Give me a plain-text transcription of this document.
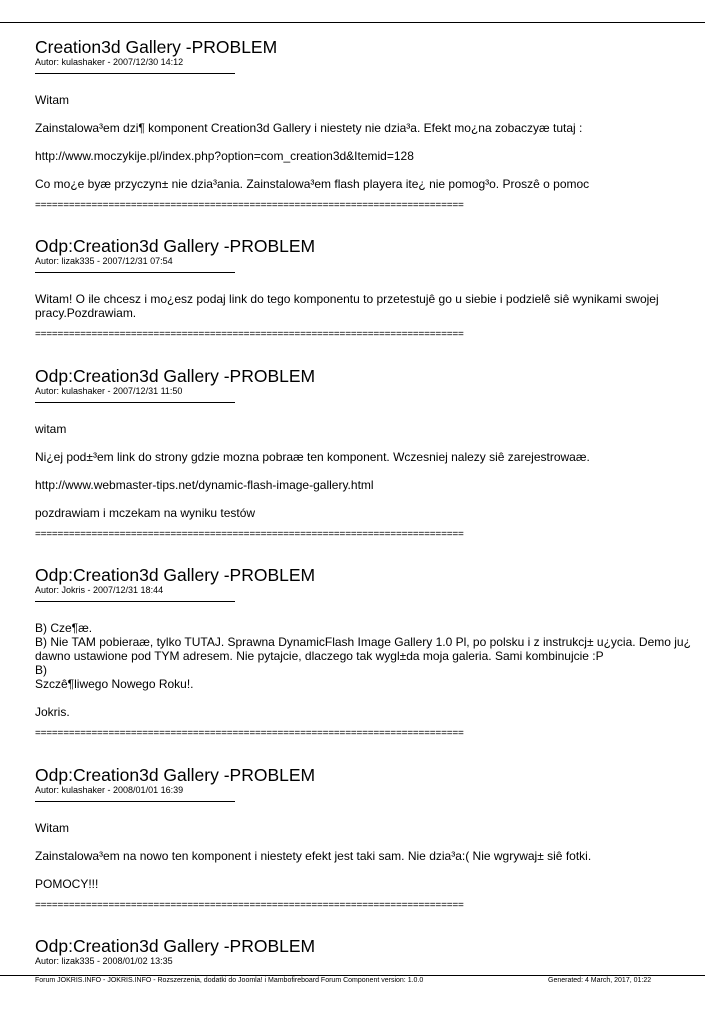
Creation3d Gallery -PROBLEM
Autor: kulashaker - 2007/12/30 14:12

Witam

Zainstalowa³em dzi¶ komponent Creation3d Gallery i niestety nie dzia³a. Efekt mo¿na zobaczyæ tutaj :

http://www.moczykije.pl/index.php?option=com_creation3d&Itemid=128

Co mo¿e byæ przyczyn± nie dzia³ania. Zainstalowa³em flash playera ite¿ nie pomog³o. Proszê o pomoc

============================================================================
Odp:Creation3d Gallery -PROBLEM
Autor: lizak335 - 2007/12/31 07:54

Witam! O ile chcesz i mo¿esz podaj link do tego komponentu to przetestujê go u siebie i podzielê siê wynikami swojej pracy.Pozdrawiam.

============================================================================
Odp:Creation3d Gallery -PROBLEM
Autor: kulashaker - 2007/12/31 11:50

witam

Ni¿ej pod±³em link do strony gdzie mozna pobraæ ten komponent. Wczesniej nalezy siê zarejestrowaæ.

http://www.webmaster-tips.net/dynamic-flash-image-gallery.html

pozdrawiam i mczekam na wyniku testów

============================================================================
Odp:Creation3d Gallery -PROBLEM
Autor: Jokris - 2007/12/31 18:44
B) Cze¶æ.
B) Nie TAM pobieraæ, tylko TUTAJ. Sprawna DynamicFlash Image Gallery 1.0 Pl, po polsku i z instrukcj± u¿ycia. Demo ju¿ dawno ustawione pod TYM adresem. Nie pytajcie, dlaczego tak wygl±da moja galeria. Sami kombinujcie :P
B)

Szczê¶liwego Nowego Roku!.

Jokris.

============================================================================
Odp:Creation3d Gallery -PROBLEM
Autor: kulashaker - 2008/01/01 16:39

Witam

Zainstalowa³em na nowo ten komponent i niestety efekt jest taki sam. Nie dzia³a:( Nie wgrywaj± siê fotki.

POMOCY!!!

============================================================================
Odp:Creation3d Gallery -PROBLEM
Autor: lizak335 - 2008/01/02 13:35
Forum JOKRIS.INFO - JOKRIS.INFO - Rozszerzenia, dodatki do Joomla! i Mambofireboard Forum Component version: 1.0.0	Generated: 4 March, 2017, 01:22
